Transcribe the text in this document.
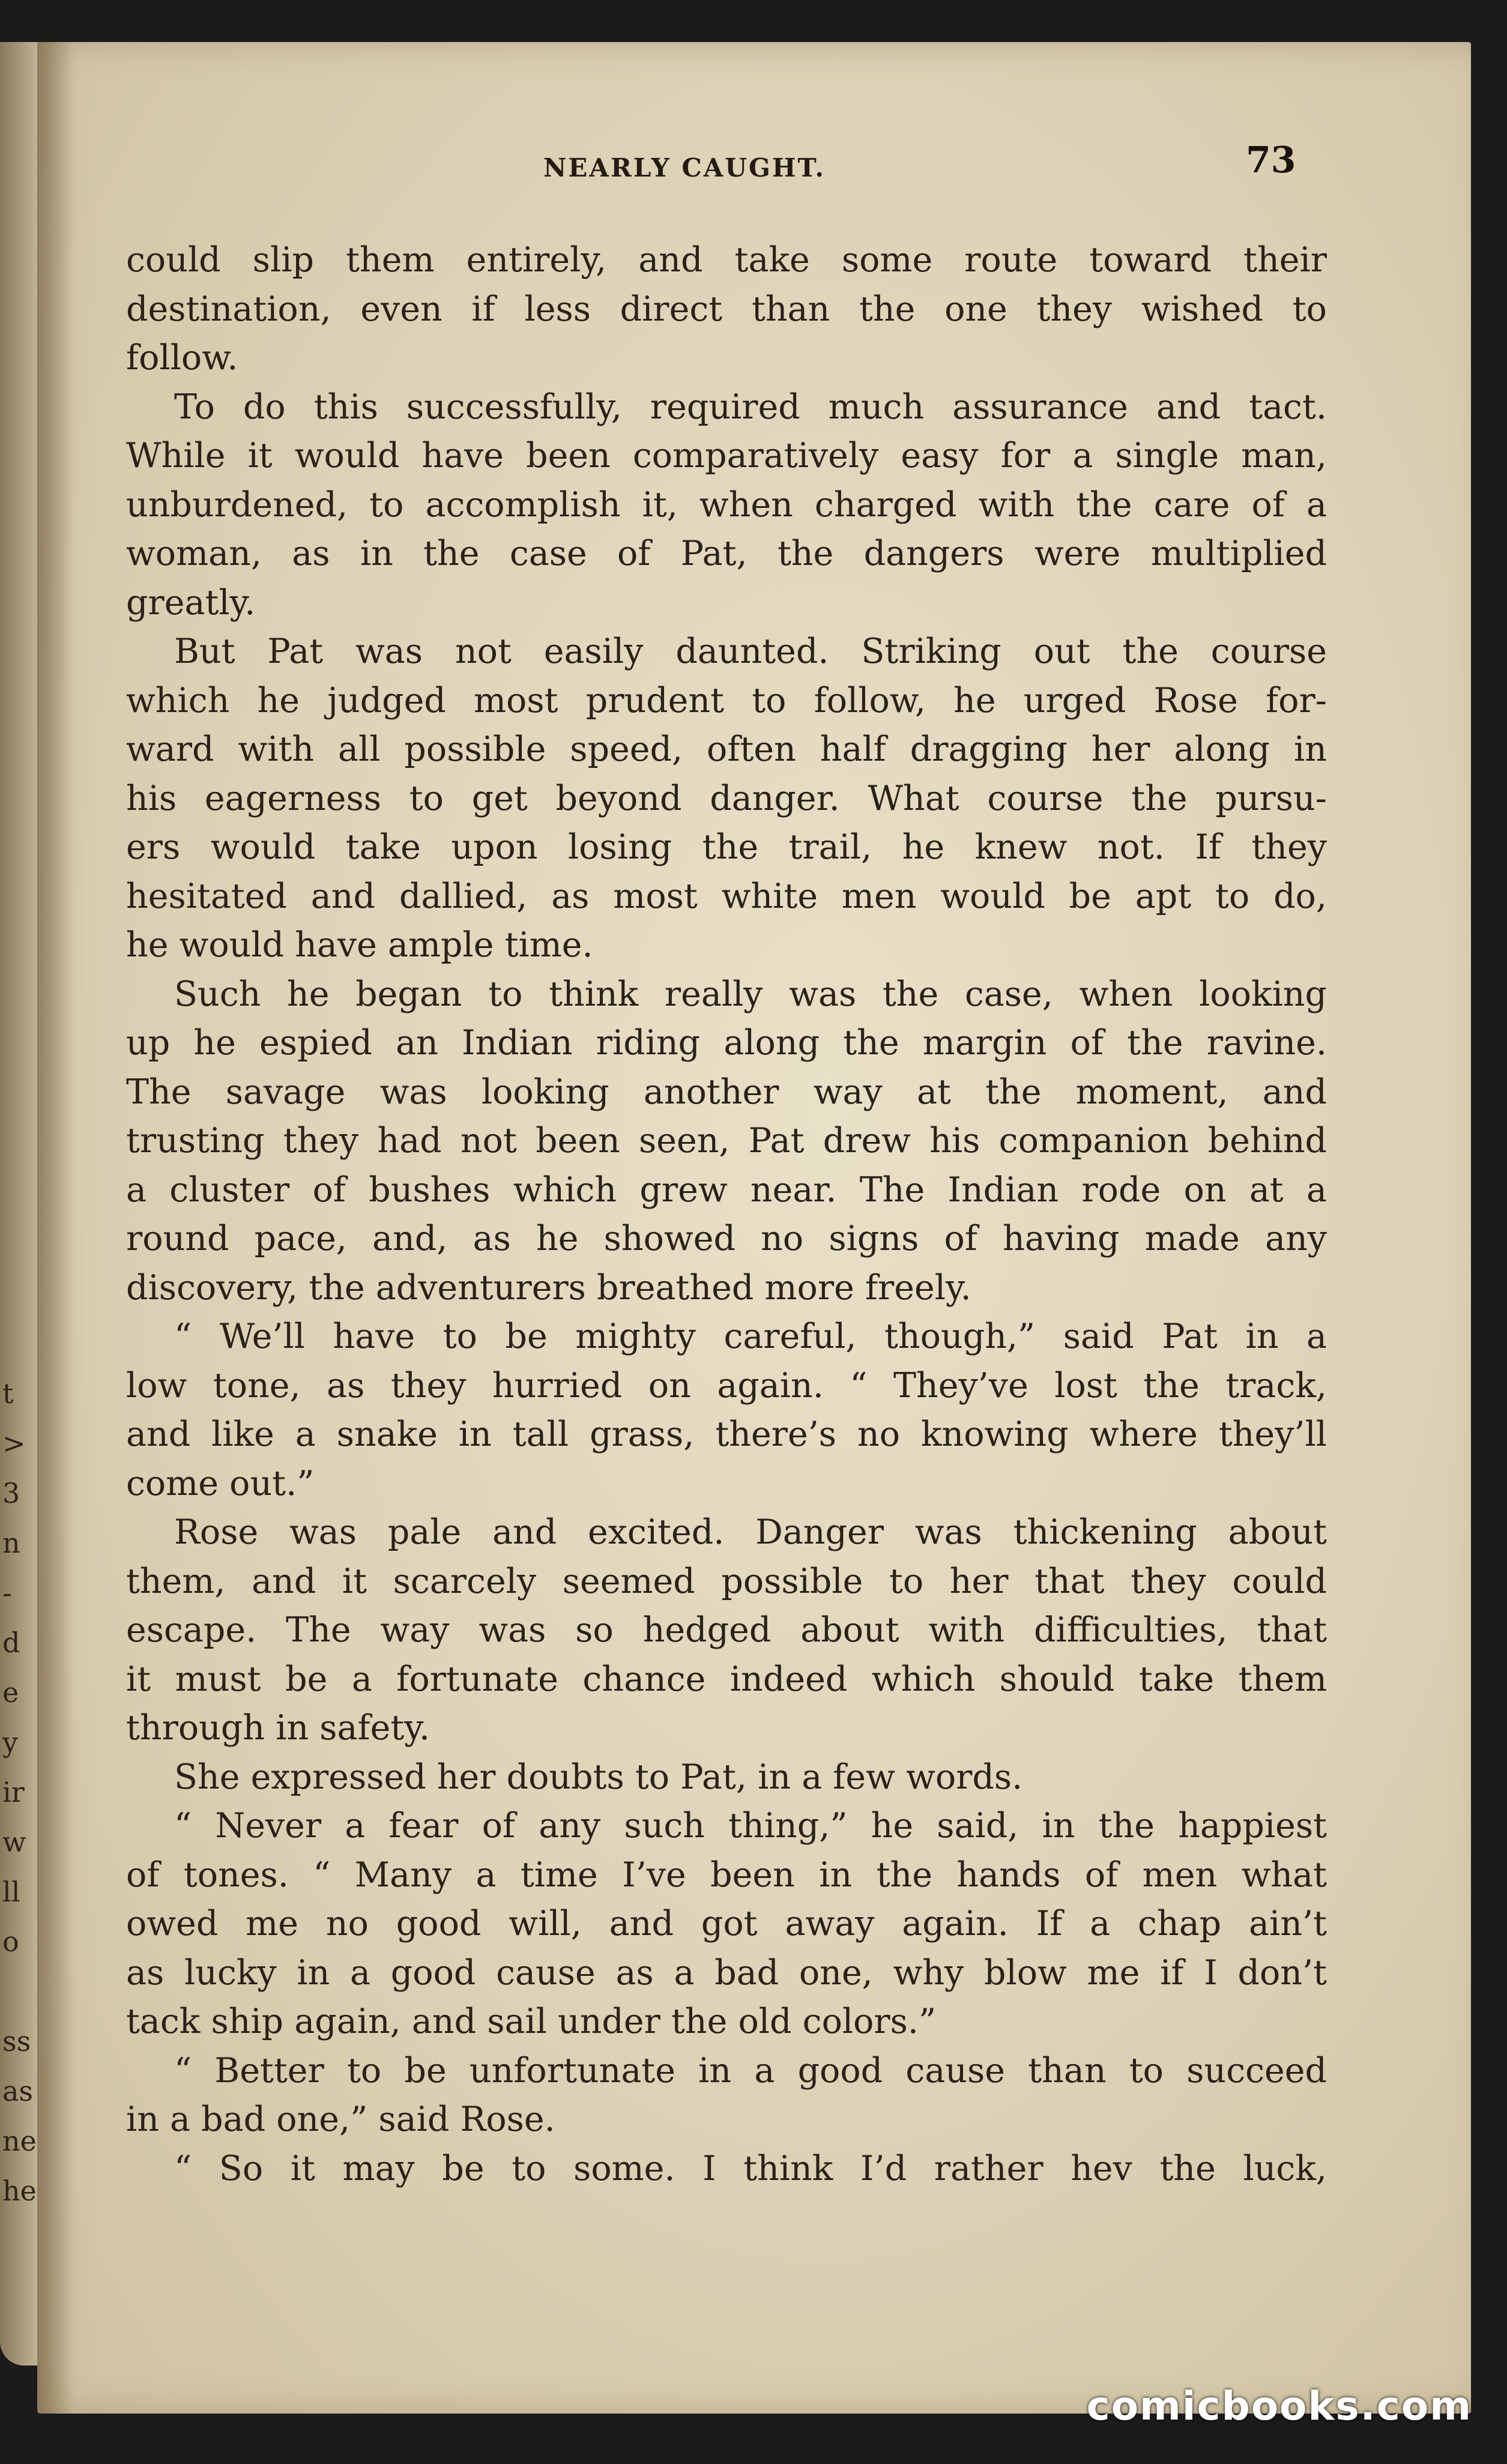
t
>
3
n
-
d
e
y
ir
w
ll
o

ss
as
ne
he
NEARLY CAUGHT.	73
could slip them entirely, and take some route toward their
destination, even if less direct than the one they wished to
follow.
To do this successfully, required much assurance and tact.
While it would have been comparatively easy for a single man,
unburdened, to accomplish it, when charged with the care of a
woman, as in the case of Pat, the dangers were multiplied
greatly.
But Pat was not easily daunted. Striking out the course
which he judged most prudent to follow, he urged Rose for-
ward with all possible speed, often half dragging her along in
his eagerness to get beyond danger. What course the pursu-
ers would take upon losing the trail, he knew not. If they
hesitated and dallied, as most white men would be apt to do,
he would have ample time.
Such he began to think really was the case, when looking
up he espied an Indian riding along the margin of the ravine.
The savage was looking another way at the moment, and
trusting they had not been seen, Pat drew his companion behind
a cluster of bushes which grew near. The Indian rode on at a
round pace, and, as he showed no signs of having made any
discovery, the adventurers breathed more freely.
“ We’ll have to be mighty careful, though,” said Pat in a
low tone, as they hurried on again. “ They’ve lost the track,
and like a snake in tall grass, there’s no knowing where they’ll
come out.”
Rose was pale and excited. Danger was thickening about
them, and it scarcely seemed possible to her that they could
escape. The way was so hedged about with difficulties, that
it must be a fortunate chance indeed which should take them
through in safety.
She expressed her doubts to Pat, in a few words.
“ Never a fear of any such thing,” he said, in the happiest
of tones. “ Many a time I’ve been in the hands of men what
owed me no good will, and got away again. If a chap ain’t
as lucky in a good cause as a bad one, why blow me if I don’t
tack ship again, and sail under the old colors.”
“ Better to be unfortunate in a good cause than to succeed
in a bad one,” said Rose.
“ So it may be to some. I think I’d rather hev the luck,
comicbooks.com
